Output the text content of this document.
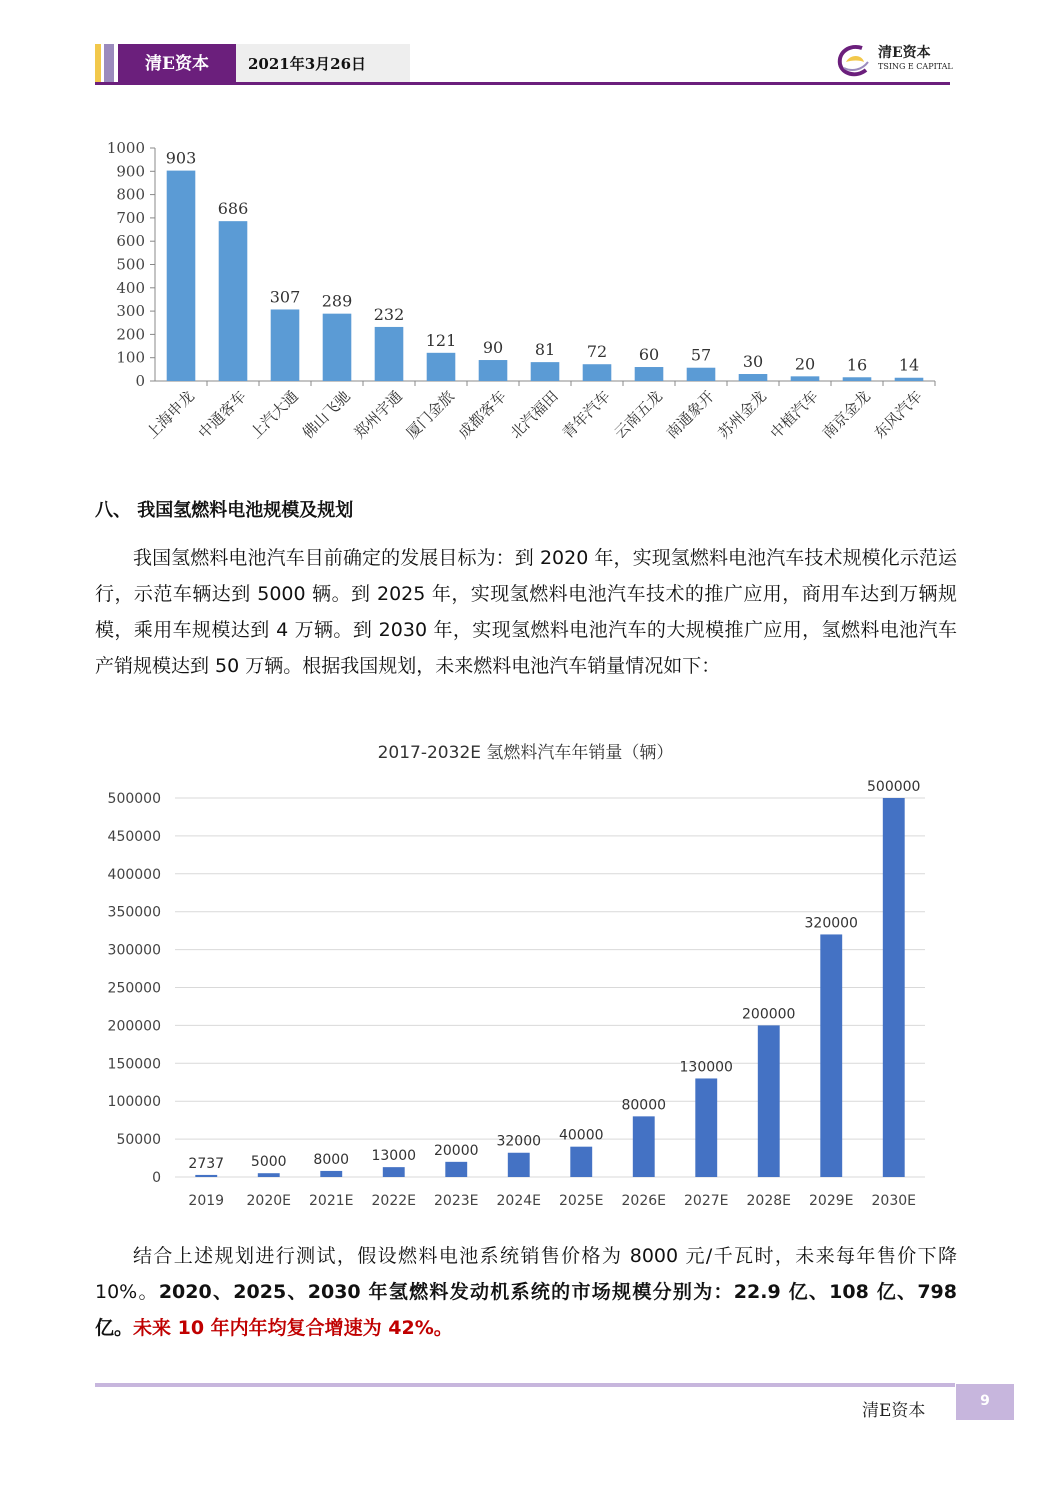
清E资本	2021年3月26日
清E资本
TSING E CAPITAL
0
100
200
300
400
500
600
700
800
900
1000
903
上海申龙
686
中通客车
307
上汽大通
289
佛山飞驰
232
郑州宇通
121
厦门金旅
90
成都客车
81
北汽福田
72
青年汽车
60
云南五龙
57
南通象开
30
苏州金龙
20
中植汽车
16
南京金龙
14
东风汽车
八、 我国氢燃料电池规模及规划
我国氢燃料电池汽车目前确定的发展目标为：到 2020 年，实现氢燃料电池汽车技术规模化示范运行，示范车辆达到 5000 辆。到 2025 年，实现氢燃料电池汽车技术的推广应用，商用车达到万辆规模，乘用车规模达到 4 万辆。到 2030 年，实现氢燃料电池汽车的大规模推广应用，氢燃料电池汽车产销规模达到 50 万辆。根据我国规划，未来燃料电池汽车销量情况如下：
2017-2032E 氢燃料汽车年销量（辆）
0
50000
100000
150000
200000
250000
300000
350000
400000
450000
500000
2737
2019
5000
2020E
8000
2021E
13000
2022E
20000
2023E
32000
2024E
40000
2025E
80000
2026E
130000
2027E
200000
2028E
320000
2029E
500000
2030E
结合上述规划进行测试，假设燃料电池系统销售价格为 8000 元/千瓦时，未来每年售价下降 10%。2020、2025、2030 年氢燃料发动机系统的市场规模分别为：22.9 亿、108 亿、798 亿。未来 10 年内年均复合增速为 42%。
清E资本	9
